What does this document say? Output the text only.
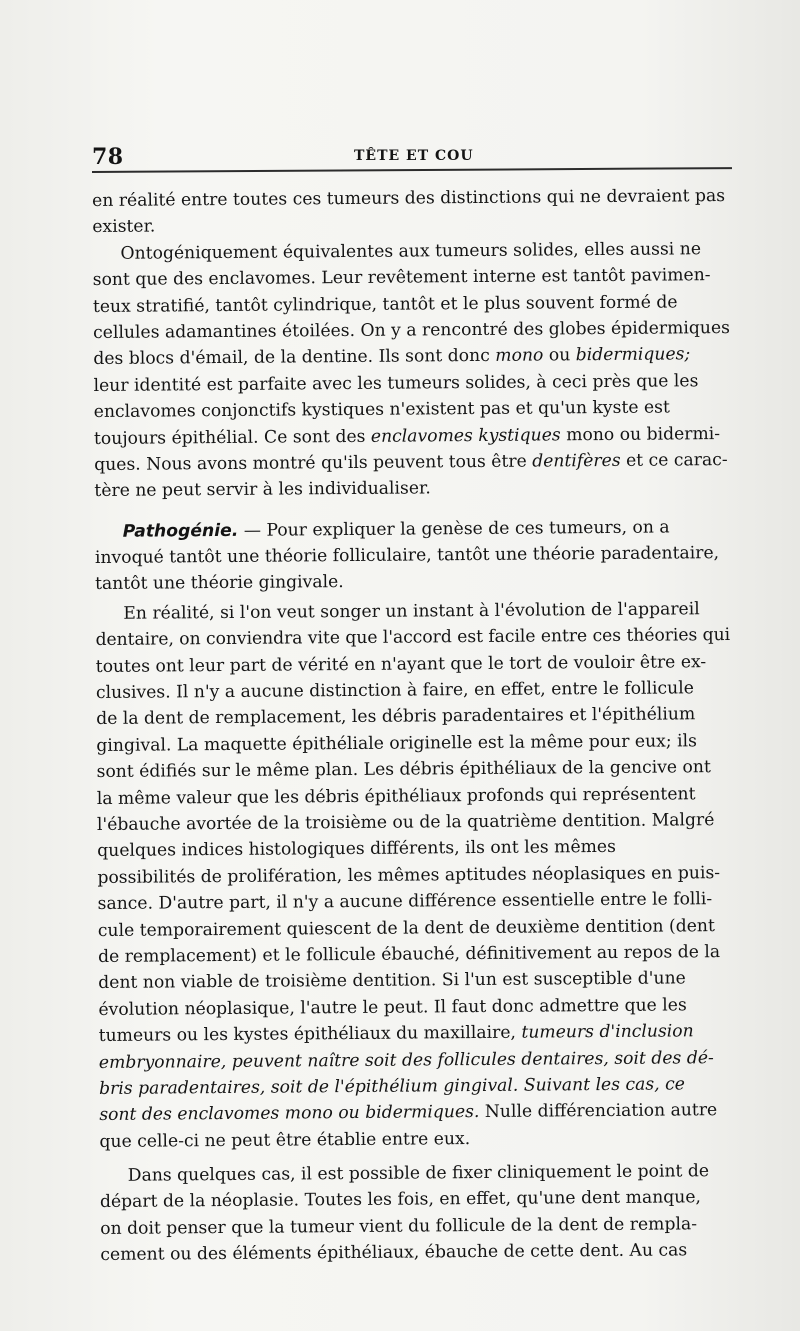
78	TÊTE ET COU
en réalité entre toutes ces tumeurs des distinctions qui ne devraient pas
exister.
Ontogéniquement équivalentes aux tumeurs solides, elles aussi ne
sont que des enclavomes. Leur revêtement interne est tantôt pavimen-
teux stratifié, tantôt cylindrique, tantôt et le plus souvent formé de
cellules adamantines étoilées. On y a rencontré des globes épidermiques
des blocs d'émail, de la dentine. Ils sont donc mono ou bidermiques;
leur identité est parfaite avec les tumeurs solides, à ceci près que les
enclavomes conjonctifs kystiques n'existent pas et qu'un kyste est
toujours épithélial. Ce sont des enclavomes kystiques mono ou bidermi-
ques. Nous avons montré qu'ils peuvent tous être dentifères et ce carac-
tère ne peut servir à les individualiser.
Pathogénie. — Pour expliquer la genèse de ces tumeurs, on a
invoqué tantôt une théorie folliculaire, tantôt une théorie paradentaire,
tantôt une théorie gingivale.
En réalité, si l'on veut songer un instant à l'évolution de l'appareil
dentaire, on conviendra vite que l'accord est facile entre ces théories qui
toutes ont leur part de vérité en n'ayant que le tort de vouloir être ex-
clusives. Il n'y a aucune distinction à faire, en effet, entre le follicule
de la dent de remplacement, les débris paradentaires et l'épithélium
gingival. La maquette épithéliale originelle est la même pour eux; ils
sont édifiés sur le même plan. Les débris épithéliaux de la gencive ont
la même valeur que les débris épithéliaux profonds qui représentent
l'ébauche avortée de la troisième ou de la quatrième dentition. Malgré
quelques indices histologiques différents, ils ont les mêmes
possibilités de prolifération, les mêmes aptitudes néoplasiques en puis-
sance. D'autre part, il n'y a aucune différence essentielle entre le folli-
cule temporairement quiescent de la dent de deuxième dentition (dent
de remplacement) et le follicule ébauché, définitivement au repos de la
dent non viable de troisième dentition. Si l'un est susceptible d'une
évolution néoplasique, l'autre le peut. Il faut donc admettre que les
tumeurs ou les kystes épithéliaux du maxillaire, tumeurs d'inclusion
embryonnaire, peuvent naître soit des follicules dentaires, soit des dé-
bris paradentaires, soit de l'épithélium gingival. Suivant les cas, ce
sont des enclavomes mono ou bidermiques. Nulle différenciation autre
que celle-ci ne peut être établie entre eux.
Dans quelques cas, il est possible de fixer cliniquement le point de
départ de la néoplasie. Toutes les fois, en effet, qu'une dent manque,
on doit penser que la tumeur vient du follicule de la dent de rempla-
cement ou des éléments épithéliaux, ébauche de cette dent. Au cas
